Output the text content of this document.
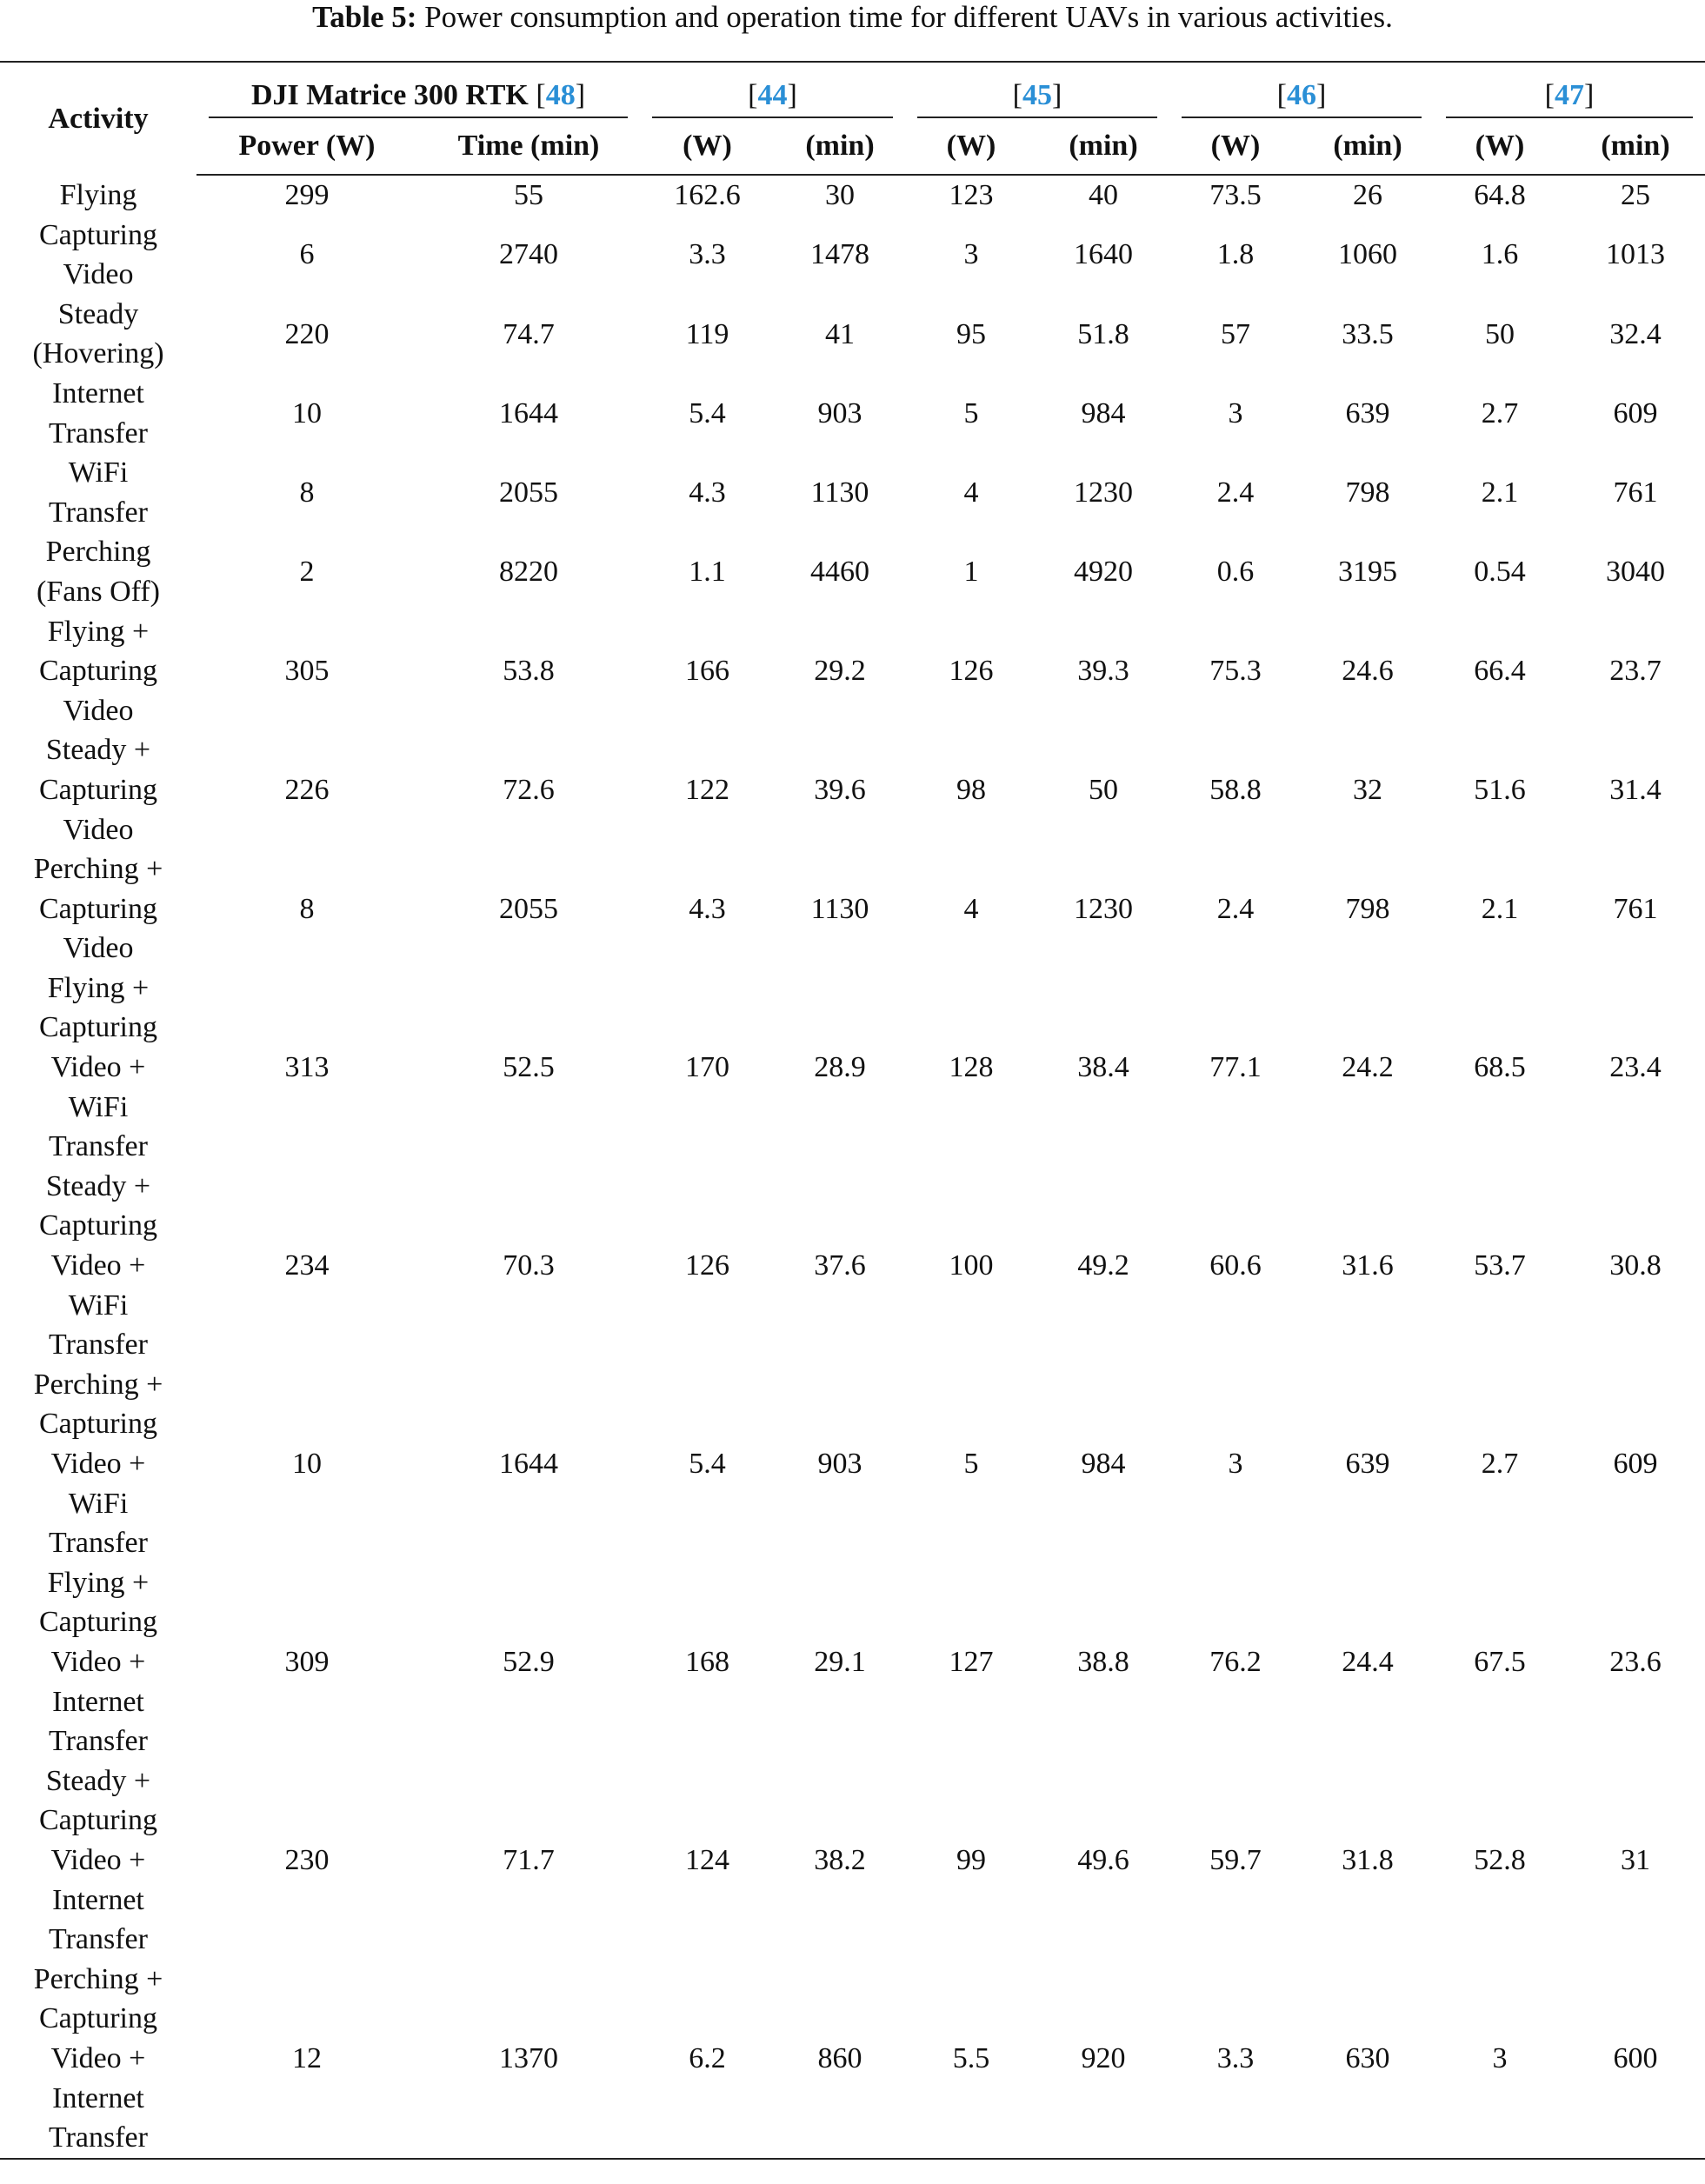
Table 5: Power consumption and operation time for different UAVs in various activities.
Activity	DJI Matrice 300 RTK [48]		[44]		[45]		[46]		[47]	

	Power (W)	Time (min)	(W)	(min)	(W)	(min)	(W)	(min)	(W)	(min)

Flying	299	55	162.6	30	123	40	73.5	26	64.8	25

Capturing
Video	6	2740	3.3	1478	3	1640	1.8	1060	1.6	1013

Steady
(Hovering)	220	74.7	119	41	95	51.8	57	33.5	50	32.4

Internet
Transfer	10	1644	5.4	903	5	984	3	639	2.7	609

WiFi
Transfer	8	2055	4.3	1130	4	1230	2.4	798	2.1	761

Perching
(Fans Off)	2	8220	1.1	4460	1	4920	0.6	3195	0.54	3040

Flying +
Capturing
Video	305	53.8	166	29.2	126	39.3	75.3	24.6	66.4	23.7

Steady +
Capturing
Video	226	72.6	122	39.6	98	50	58.8	32	51.6	31.4

Perching +
Capturing
Video	8	2055	4.3	1130	4	1230	2.4	798	2.1	761

Flying +
Capturing
Video +
WiFi
Transfer	313	52.5	170	28.9	128	38.4	77.1	24.2	68.5	23.4

Steady +
Capturing
Video +
WiFi
Transfer	234	70.3	126	37.6	100	49.2	60.6	31.6	53.7	30.8

Perching +
Capturing
Video +
WiFi
Transfer	10	1644	5.4	903	5	984	3	639	2.7	609

Flying +
Capturing
Video +
Internet
Transfer	309	52.9	168	29.1	127	38.8	76.2	24.4	67.5	23.6

Steady +
Capturing
Video +
Internet
Transfer	230	71.7	124	38.2	99	49.6	59.7	31.8	52.8	31

Perching +
Capturing
Video +
Internet
Transfer	12	1370	6.2	860	5.5	920	3.3	630	3	600
